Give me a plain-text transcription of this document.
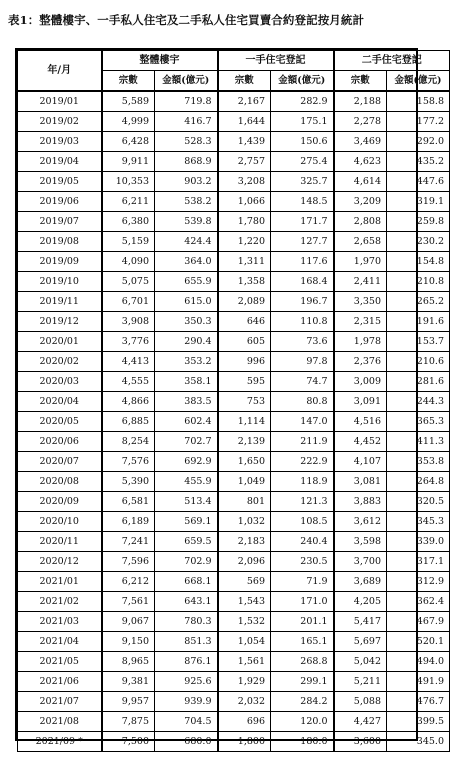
表1：整體樓宇、一手私人住宅及二手私人住宅買賣合約登記按月統計
年/月	整體樓宇		一手住宅登記		二手住宅登記	
	宗數	金額(億元)	宗數	金額(億元)	宗數	金額(億元)
2019/01	5,589	719.8	2,167	282.9	2,188	158.8
2019/02	4,999	416.7	1,644	175.1	2,278	177.2
2019/03	6,428	528.3	1,439	150.6	3,469	292.0
2019/04	9,911	868.9	2,757	275.4	4,623	435.2
2019/05	10,353	903.2	3,208	325.7	4,614	447.6
2019/06	6,211	538.2	1,066	148.5	3,209	319.1
2019/07	6,380	539.8	1,780	171.7	2,808	259.8
2019/08	5,159	424.4	1,220	127.7	2,658	230.2
2019/09	4,090	364.0	1,311	117.6	1,970	154.8
2019/10	5,075	655.9	1,358	168.4	2,411	210.8
2019/11	6,701	615.0	2,089	196.7	3,350	265.2
2019/12	3,908	350.3	646	110.8	2,315	191.6
2020/01	3,776	290.4	605	73.6	1,978	153.7
2020/02	4,413	353.2	996	97.8	2,376	210.6
2020/03	4,555	358.1	595	74.7	3,009	281.6
2020/04	4,866	383.5	753	80.8	3,091	244.3
2020/05	6,885	602.4	1,114	147.0	4,516	365.3
2020/06	8,254	702.7	2,139	211.9	4,452	411.3
2020/07	7,576	692.9	1,650	222.9	4,107	353.8
2020/08	5,390	455.9	1,049	118.9	3,081	264.8
2020/09	6,581	513.4	801	121.3	3,883	320.5
2020/10	6,189	569.1	1,032	108.5	3,612	345.3
2020/11	7,241	659.5	2,183	240.4	3,598	339.0
2020/12	7,596	702.9	2,096	230.5	3,700	317.1
2021/01	6,212	668.1	569	71.9	3,689	312.9
2021/02	7,561	643.1	1,543	171.0	4,205	362.4
2021/03	9,067	780.3	1,532	201.1	5,417	467.9
2021/04	9,150	851.3	1,054	165.1	5,697	520.1
2021/05	8,965	876.1	1,561	268.8	5,042	494.0
2021/06	9,381	925.6	1,929	299.1	5,211	491.9
2021/07	9,957	939.9	2,032	284.2	5,088	476.7
2021/08	7,875	704.5	696	120.0	4,427	399.5
2021/09 *	7,500	680.0	1,800	180.0	3,600	345.0
